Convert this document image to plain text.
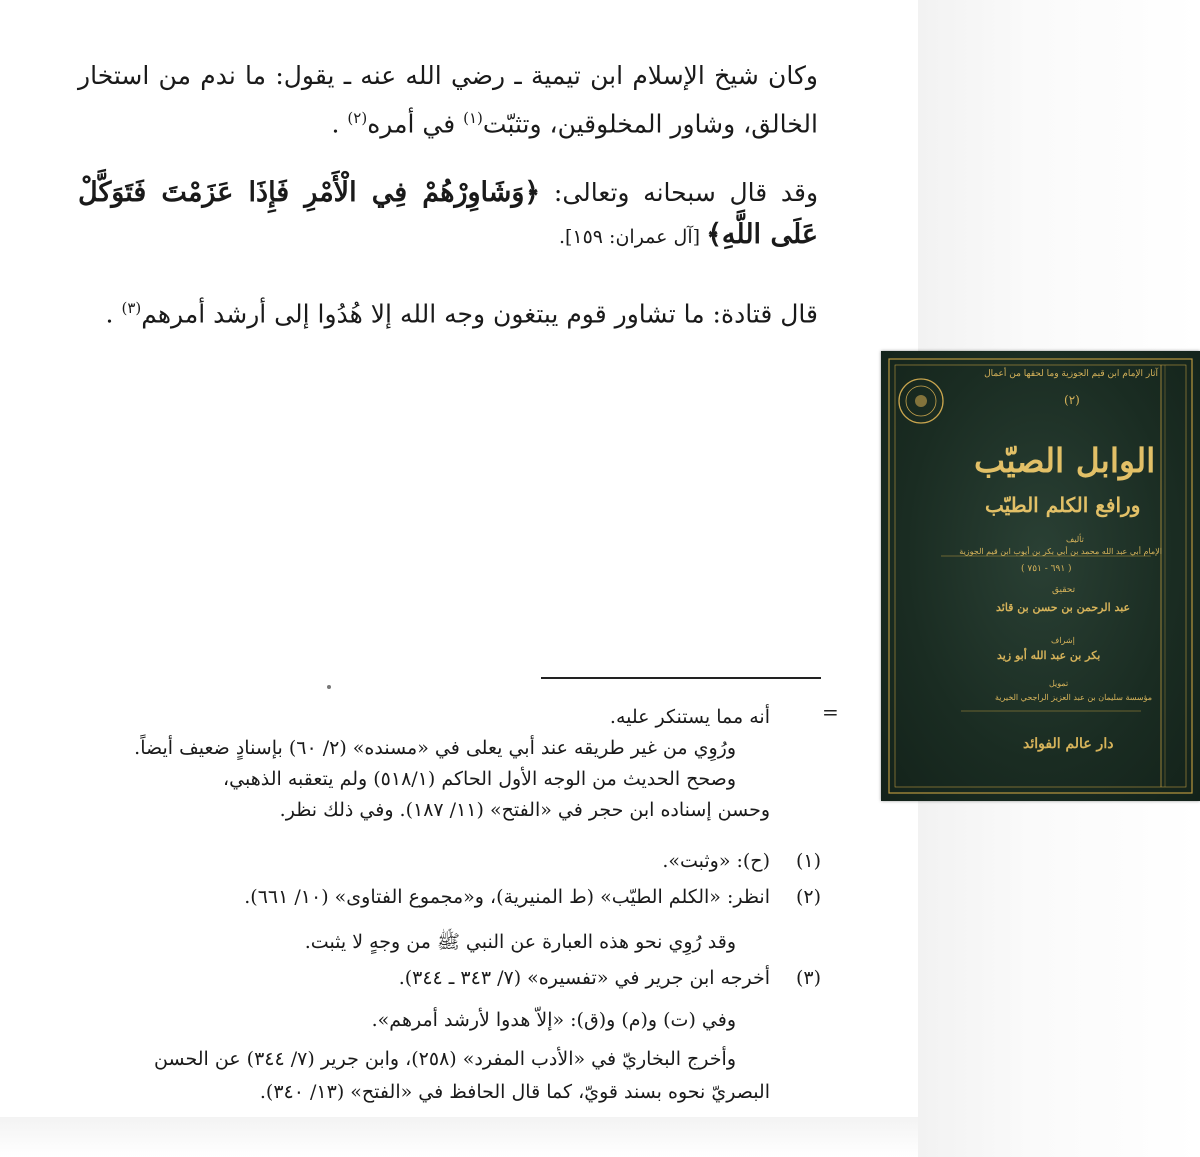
وكان شيخ الإسلام ابن تيمية ـ رضي الله عنه ـ يقول: ما ندم من استخار الخالق، وشاور المخلوقين، وتثبّت$^{(١)}$ في أمره$^{(٢)}$ .
وقد قال سبحانه وتعالى: ﴿وَشَاوِرْهُمْ فِي الْأَمْرِ فَإِذَا عَزَمْتَ فَتَوَكَّلْ عَلَى اللَّهِ﴾ [آل عمران: ١٥٩].
قال قتادة: ما تشاور قوم يبتغون وجه الله إلا هُدُوا إلى أرشد أمرهم$^{(٣)}$ .
=
أنه مما يستنكر عليه.
ورُوِي من غير طريقه عند أبي يعلى في «مسنده» (٢/ ٦٠) بإسنادٍ ضعيف أيضاً.
وصحح الحديث من الوجه الأول الحاكم (٥١٨/١) ولم يتعقبه الذهبي،
وحسن إسناده ابن حجر في «الفتح» (١١/ ١٨٧). وفي ذلك نظر.
(١)
(ح): «وثبت».
(٢)
انظر: «الكلم الطيّب» (ط المنيرية)، و«مجموع الفتاوى» (١٠/ ٦٦١).
وقد رُوِي نحو هذه العبارة عن النبي ﷺ من وجهٍ لا يثبت.
(٣)
أخرجه ابن جرير في «تفسيره» (٧/ ٣٤٣ ـ ٣٤٤).
وفي (ت) و(م) و(ق): «إلاّ هدوا لأرشد أمرهم».
وأخرج البخاريّ في «الأدب المفرد» (٢٥٨)، وابن جرير (٧/ ٣٤٤) عن الحسن
البصريّ نحوه بسند قويّ، كما قال الحافظ في «الفتح» (١٣/ ٣٤٠).
آثار الإمام ابن قيم الجوزية وما لحقها من أعمال
(٢)
الوابل الصيّب
ورافع الكلم الطيّب
تأليف
الإمام أبي عبد الله محمد بن أبي بكر بن أيوب ابن قيم الجوزية
( ٦٩١ - ٧٥١ )
تحقيق
عبد الرحمن بن حسن بن قائد
إشراف
بكر بن عبد الله أبو زيد
تمويل
مؤسسة سليمان بن عبد العزيز الراجحي الخيرية
دار عالم الفوائد
